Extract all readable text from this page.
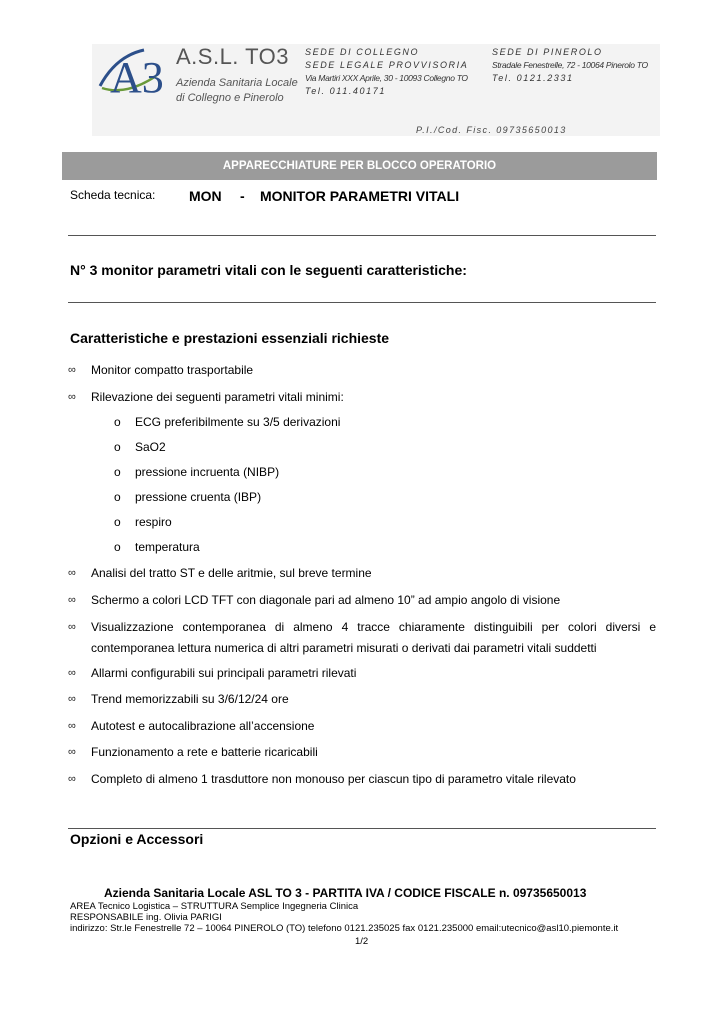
A3 A.S.L. TO3
Azienda Sanitaria Locale
di Collegno e Pinerolo
SEDE DI COLLEGNO
SEDE LEGALE PROVVISORIA
Via Martiri XXX Aprile, 30 - 10093 Collegno TO
Tel. 011.40171
SEDE DI PINEROLO
Stradale Fenestrelle, 72 - 10064 Pinerolo TO
Tel. 0121.2331
P.I./Cod. Fisc. 09735650013
APPARECCHIATURE PER BLOCCO OPERATORIO
Scheda tecnica: MON - MONITOR PARAMETRI VITALI
N° 3 monitor parametri vitali con le seguenti caratteristiche:
Caratteristiche e prestazioni essenziali richieste
∞ Monitor compatto trasportabile
∞ Rilevazione dei seguenti parametri vitali minimi:
o ECG preferibilmente su 3/5 derivazioni
o SaO2
o pressione incruenta (NIBP)
o pressione cruenta (IBP)
o respiro
o temperatura
∞ Analisi del tratto ST e delle aritmie, sul breve termine
∞ Schermo a colori LCD TFT con diagonale pari ad almeno 10” ad ampio angolo di visione
∞ Visualizzazione contemporanea di almeno 4 tracce chiaramente distinguibili per colori diversi e
contemporanea lettura numerica di altri parametri misurati o derivati dai parametri vitali suddetti
∞ Allarmi configurabili sui principali parametri rilevati
∞ Trend memorizzabili su 3/6/12/24 ore
∞ Autotest e autocalibrazione all’accensione
∞ Funzionamento a rete e batterie ricaricabili
∞ Completo di almeno 1 trasduttore non monouso per ciascun tipo di parametro vitale rilevato
Opzioni e Accessori
Azienda Sanitaria Locale ASL TO 3 - PARTITA IVA / CODICE FISCALE n. 09735650013
AREA Tecnico Logistica – STRUTTURA Semplice Ingegneria Clinica
RESPONSABILE ing. Olivia PARIGI
indirizzo: Str.le Fenestrelle 72 – 10064 PINEROLO (TO) telefono 0121.235025 fax 0121.235000 email:utecnico@asl10.piemonte.it
1/2
